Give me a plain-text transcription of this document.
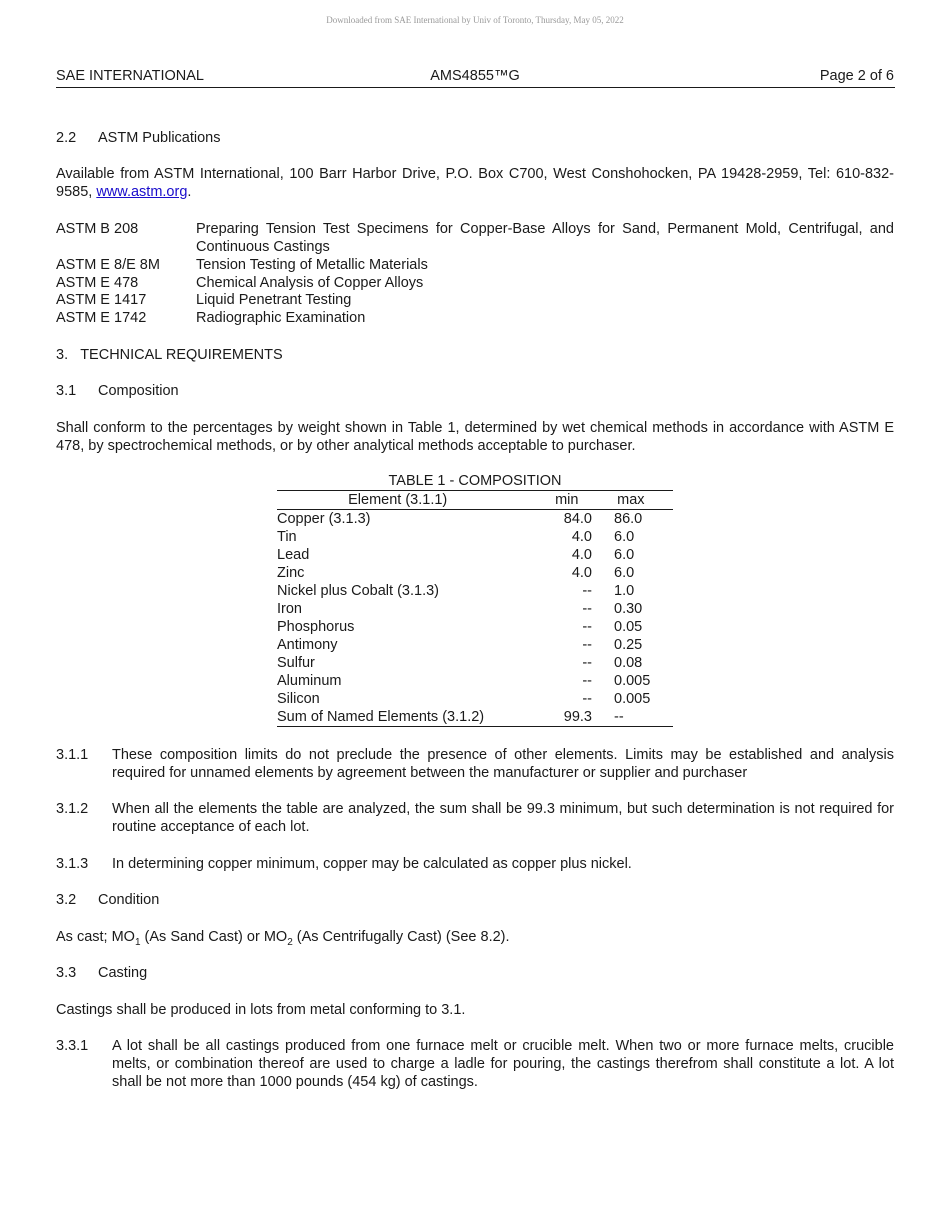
Downloaded from SAE International by Univ of Toronto, Thursday, May 05, 2022
SAE INTERNATIONAL	AMS4855™G	Page 2 of 6
2.2 ASTM Publications
Available from ASTM International, 100 Barr Harbor Drive, P.O. Box C700, West Conshohocken, PA 19428-2959, Tel: 610-832-9585, www.astm.org.
ASTM B 208	Preparing Tension Test Specimens for Copper-Base Alloys for Sand, Permanent Mold, Centrifugal, and Continuous Castings
ASTM E 8/E 8M	Tension Testing of Metallic Materials
ASTM E 478	Chemical Analysis of Copper Alloys
ASTM E 1417	Liquid Penetrant Testing
ASTM E 1742	Radiographic Examination
3. TECHNICAL REQUIREMENTS
3.1 Composition
Shall conform to the percentages by weight shown in Table 1, determined by wet chemical methods in accordance with ASTM E 478, by spectrochemical methods, or by other analytical methods acceptable to purchaser.
TABLE 1 - COMPOSITION
Element (3.1.1)	min	max
Copper (3.1.3)	84.0	86.0
Tin	4.0	6.0
Lead	4.0	6.0
Zinc	4.0	6.0
Nickel plus Cobalt (3.1.3)	--	1.0
Iron	--	0.30
Phosphorus	--	0.05
Antimony	--	0.25
Sulfur	--	0.08
Aluminum	--	0.005
Silicon	--	0.005
Sum of Named Elements (3.1.2)	99.3	--
3.1.1 These composition limits do not preclude the presence of other elements. Limits may be established and analysis required for unnamed elements by agreement between the manufacturer or supplier and purchaser
3.1.2 When all the elements the table are analyzed, the sum shall be 99.3 minimum, but such determination is not required for routine acceptance of each lot.
3.1.3 In determining copper minimum, copper may be calculated as copper plus nickel.
3.2 Condition
As cast; $MO_1$ (As Sand Cast) or $MO_2$ (As Centrifugally Cast) (See 8.2).
3.3 Casting
Castings shall be produced in lots from metal conforming to 3.1.
3.3.1 A lot shall be all castings produced from one furnace melt or crucible melt. When two or more furnace melts, crucible melts, or combination thereof are used to charge a ladle for pouring, the castings therefrom shall constitute a lot. A lot shall be not more than 1000 pounds (454 kg) of castings.
